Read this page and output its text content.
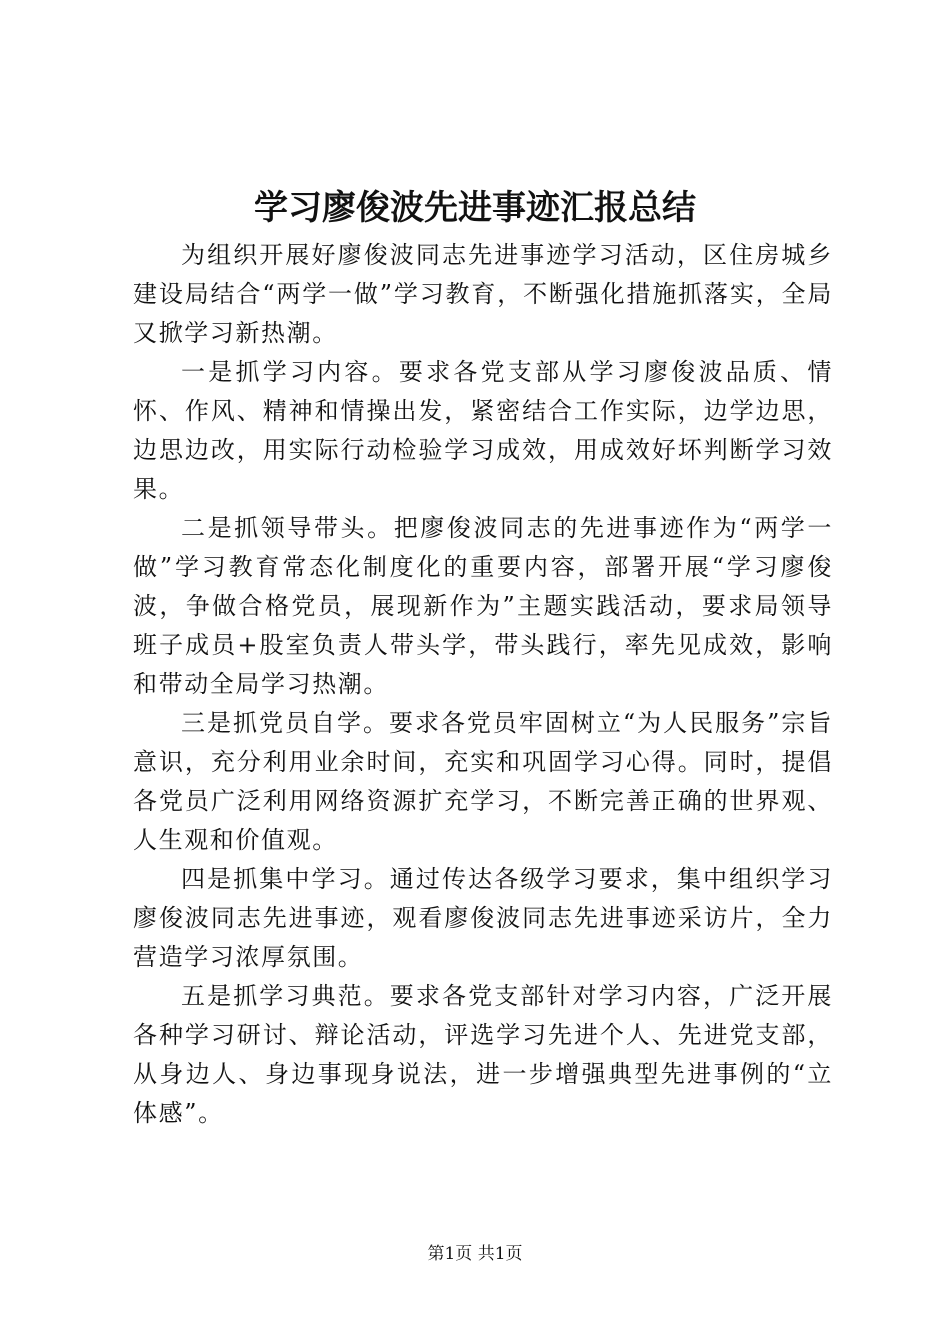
学习廖俊波先进事迹汇报总结

为组织开展好廖俊波同志先进事迹学习活动，区住房城乡建设局结合“两学一做”学习教育，不断强化措施抓落实，全局又掀学习新热潮。

一是抓学习内容。要求各党支部从学习廖俊波品质、情怀、作风、精神和情操出发，紧密结合工作实际，边学边思，边思边改，用实际行动检验学习成效，用成效好坏判断学习效果。

二是抓领导带头。把廖俊波同志的先进事迹作为“两学一做”学习教育常态化制度化的重要内容，部署开展“学习廖俊波，争做合格党员，展现新作为”主题实践活动，要求局领导班子成员+股室负责人带头学，带头践行，率先见成效，影响和带动全局学习热潮。

三是抓党员自学。要求各党员牢固树立“为人民服务”宗旨意识，充分利用业余时间，充实和巩固学习心得。同时，提倡各党员广泛利用网络资源扩充学习，不断完善正确的世界观、人生观和价值观。

四是抓集中学习。通过传达各级学习要求，集中组织学习廖俊波同志先进事迹，观看廖俊波同志先进事迹采访片，全力营造学习浓厚氛围。

五是抓学习典范。要求各党支部针对学习内容，广泛开展各种学习研讨、辩论活动，评选学习先进个人、先进党支部，从身边人、身边事现身说法，进一步增强典型先进事例的“立体感”。

第1页 共1页
